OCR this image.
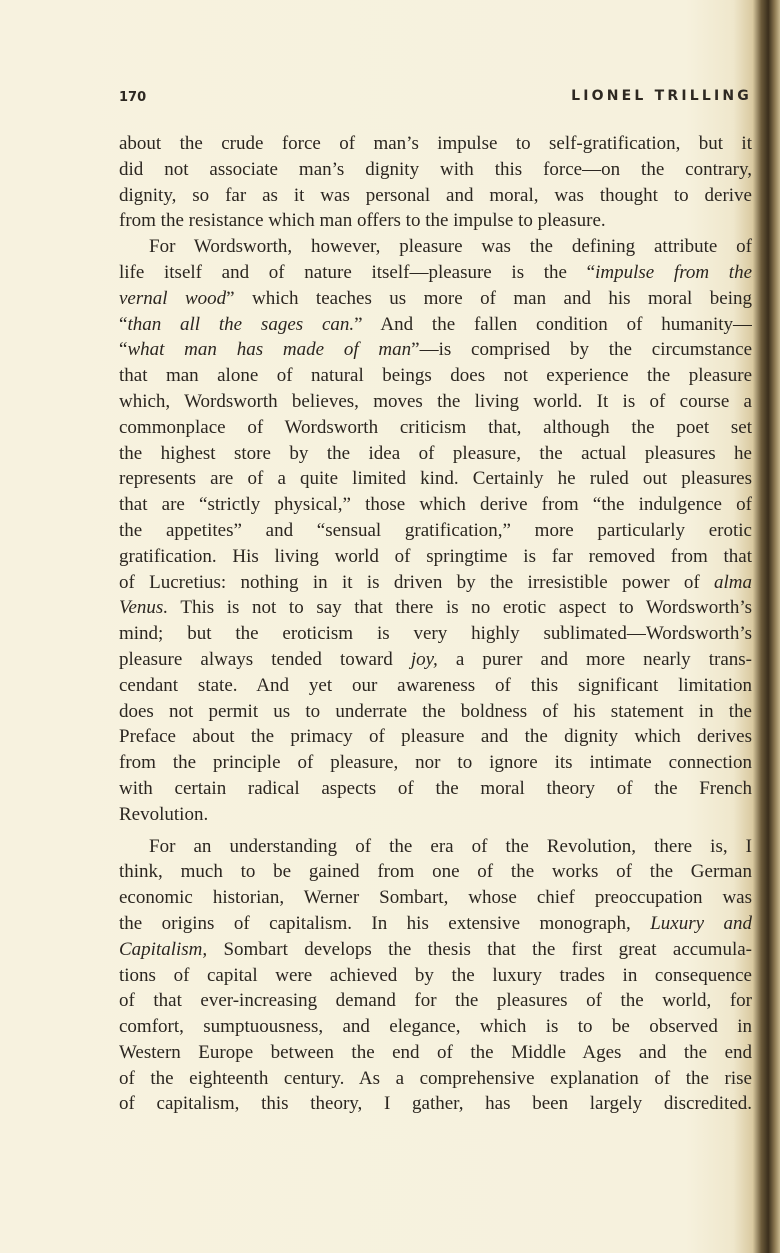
170	LIONEL TRILLING
about the crude force of man’s impulse to self-gratification, but it
did not associate man’s dignity with this force—on the contrary,
dignity, so far as it was personal and moral, was thought to derive
from the resistance which man offers to the impulse to pleasure.
For Wordsworth, however, pleasure was the defining attribute of
life itself and of nature itself—pleasure is the “impulse from the
vernal wood” which teaches us more of man and his moral being
“than all the sages can.” And the fallen condition of humanity—
“what man has made of man”—is comprised by the circumstance
that man alone of natural beings does not experience the pleasure
which, Wordsworth believes, moves the living world. It is of course a
commonplace of Wordsworth criticism that, although the poet set
the highest store by the idea of pleasure, the actual pleasures he
represents are of a quite limited kind. Certainly he ruled out pleasures
that are “strictly physical,” those which derive from “the indulgence of
the appetites” and “sensual gratification,” more particularly erotic
gratification. His living world of springtime is far removed from that
of Lucretius: nothing in it is driven by the irresistible power of alma
Venus. This is not to say that there is no erotic aspect to Wordsworth’s
mind; but the eroticism is very highly sublimated—Wordsworth’s
pleasure always tended toward joy, a purer and more nearly trans-
cendant state. And yet our awareness of this significant limitation
does not permit us to underrate the boldness of his statement in the
Preface about the primacy of pleasure and the dignity which derives
from the principle of pleasure, nor to ignore its intimate connection
with certain radical aspects of the moral theory of the French
Revolution.
For an understanding of the era of the Revolution, there is, I
think, much to be gained from one of the works of the German
economic historian, Werner Sombart, whose chief preoccupation was
the origins of capitalism. In his extensive monograph, Luxury and
Capitalism, Sombart develops the thesis that the first great accumula-
tions of capital were achieved by the luxury trades in consequence
of that ever-increasing demand for the pleasures of the world, for
comfort, sumptuousness, and elegance, which is to be observed in
Western Europe between the end of the Middle Ages and the end
of the eighteenth century. As a comprehensive explanation of the rise
of capitalism, this theory, I gather, has been largely discredited.
